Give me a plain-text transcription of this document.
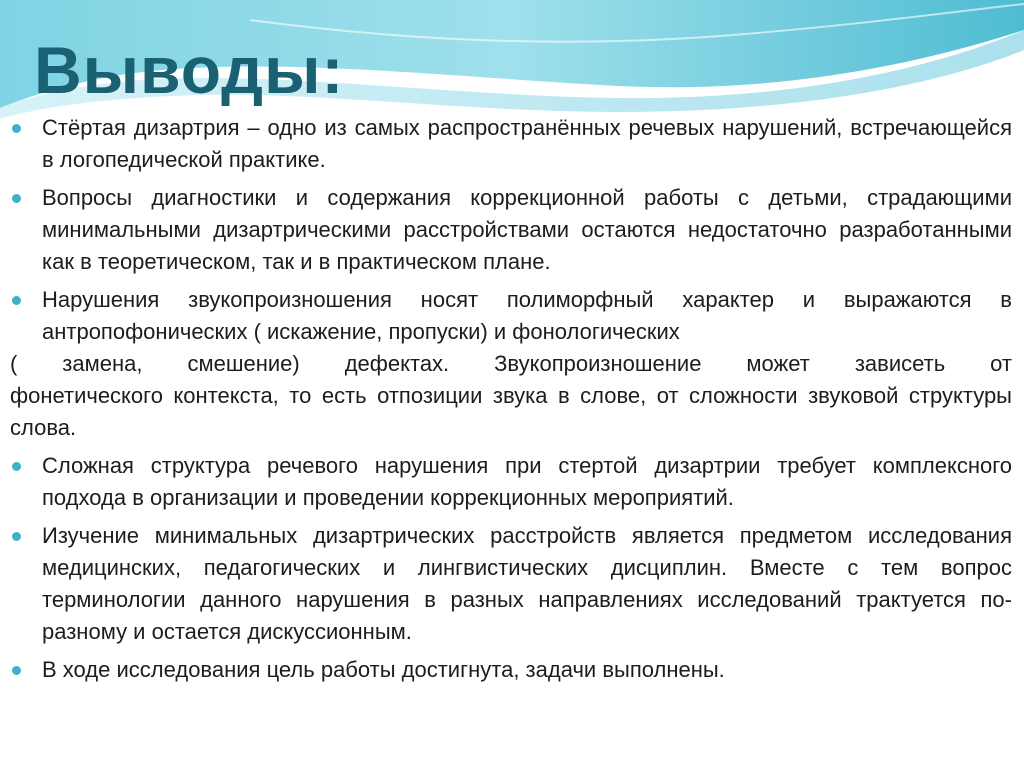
Выводы:

Стёртая дизартрия – одно из самых распространённых речевых нарушений, встречающейся в логопедической практике.

Вопросы диагностики и содержания коррекционной работы с детьми, страдающими минимальными дизартрическими расстройствами остаются недостаточно разработанными как в теоретическом, так и в практическом плане.

Нарушения звукопроизношения носят полиморфный характер и выражаются в антропофонических ( искажение, пропуски) и фонологических

( замена, смешение) дефектах. Звукопроизношение может зависеть от фонетического контекста, то есть отпозиции звука в слове, от сложности звуковой структуры слова.

Сложная структура речевого нарушения при стертой дизартрии требует комплексного подхода в организации и проведении коррекционных мероприятий.

Изучение минимальных дизартрических расстройств является предметом исследования медицинских, педагогических и лингвистических дисциплин. Вместе с тем вопрос терминологии данного нарушения в разных направлениях исследований трактуется по-разному и остается дискуссионным.

В ходе исследования цель работы достигнута, задачи выполнены.
